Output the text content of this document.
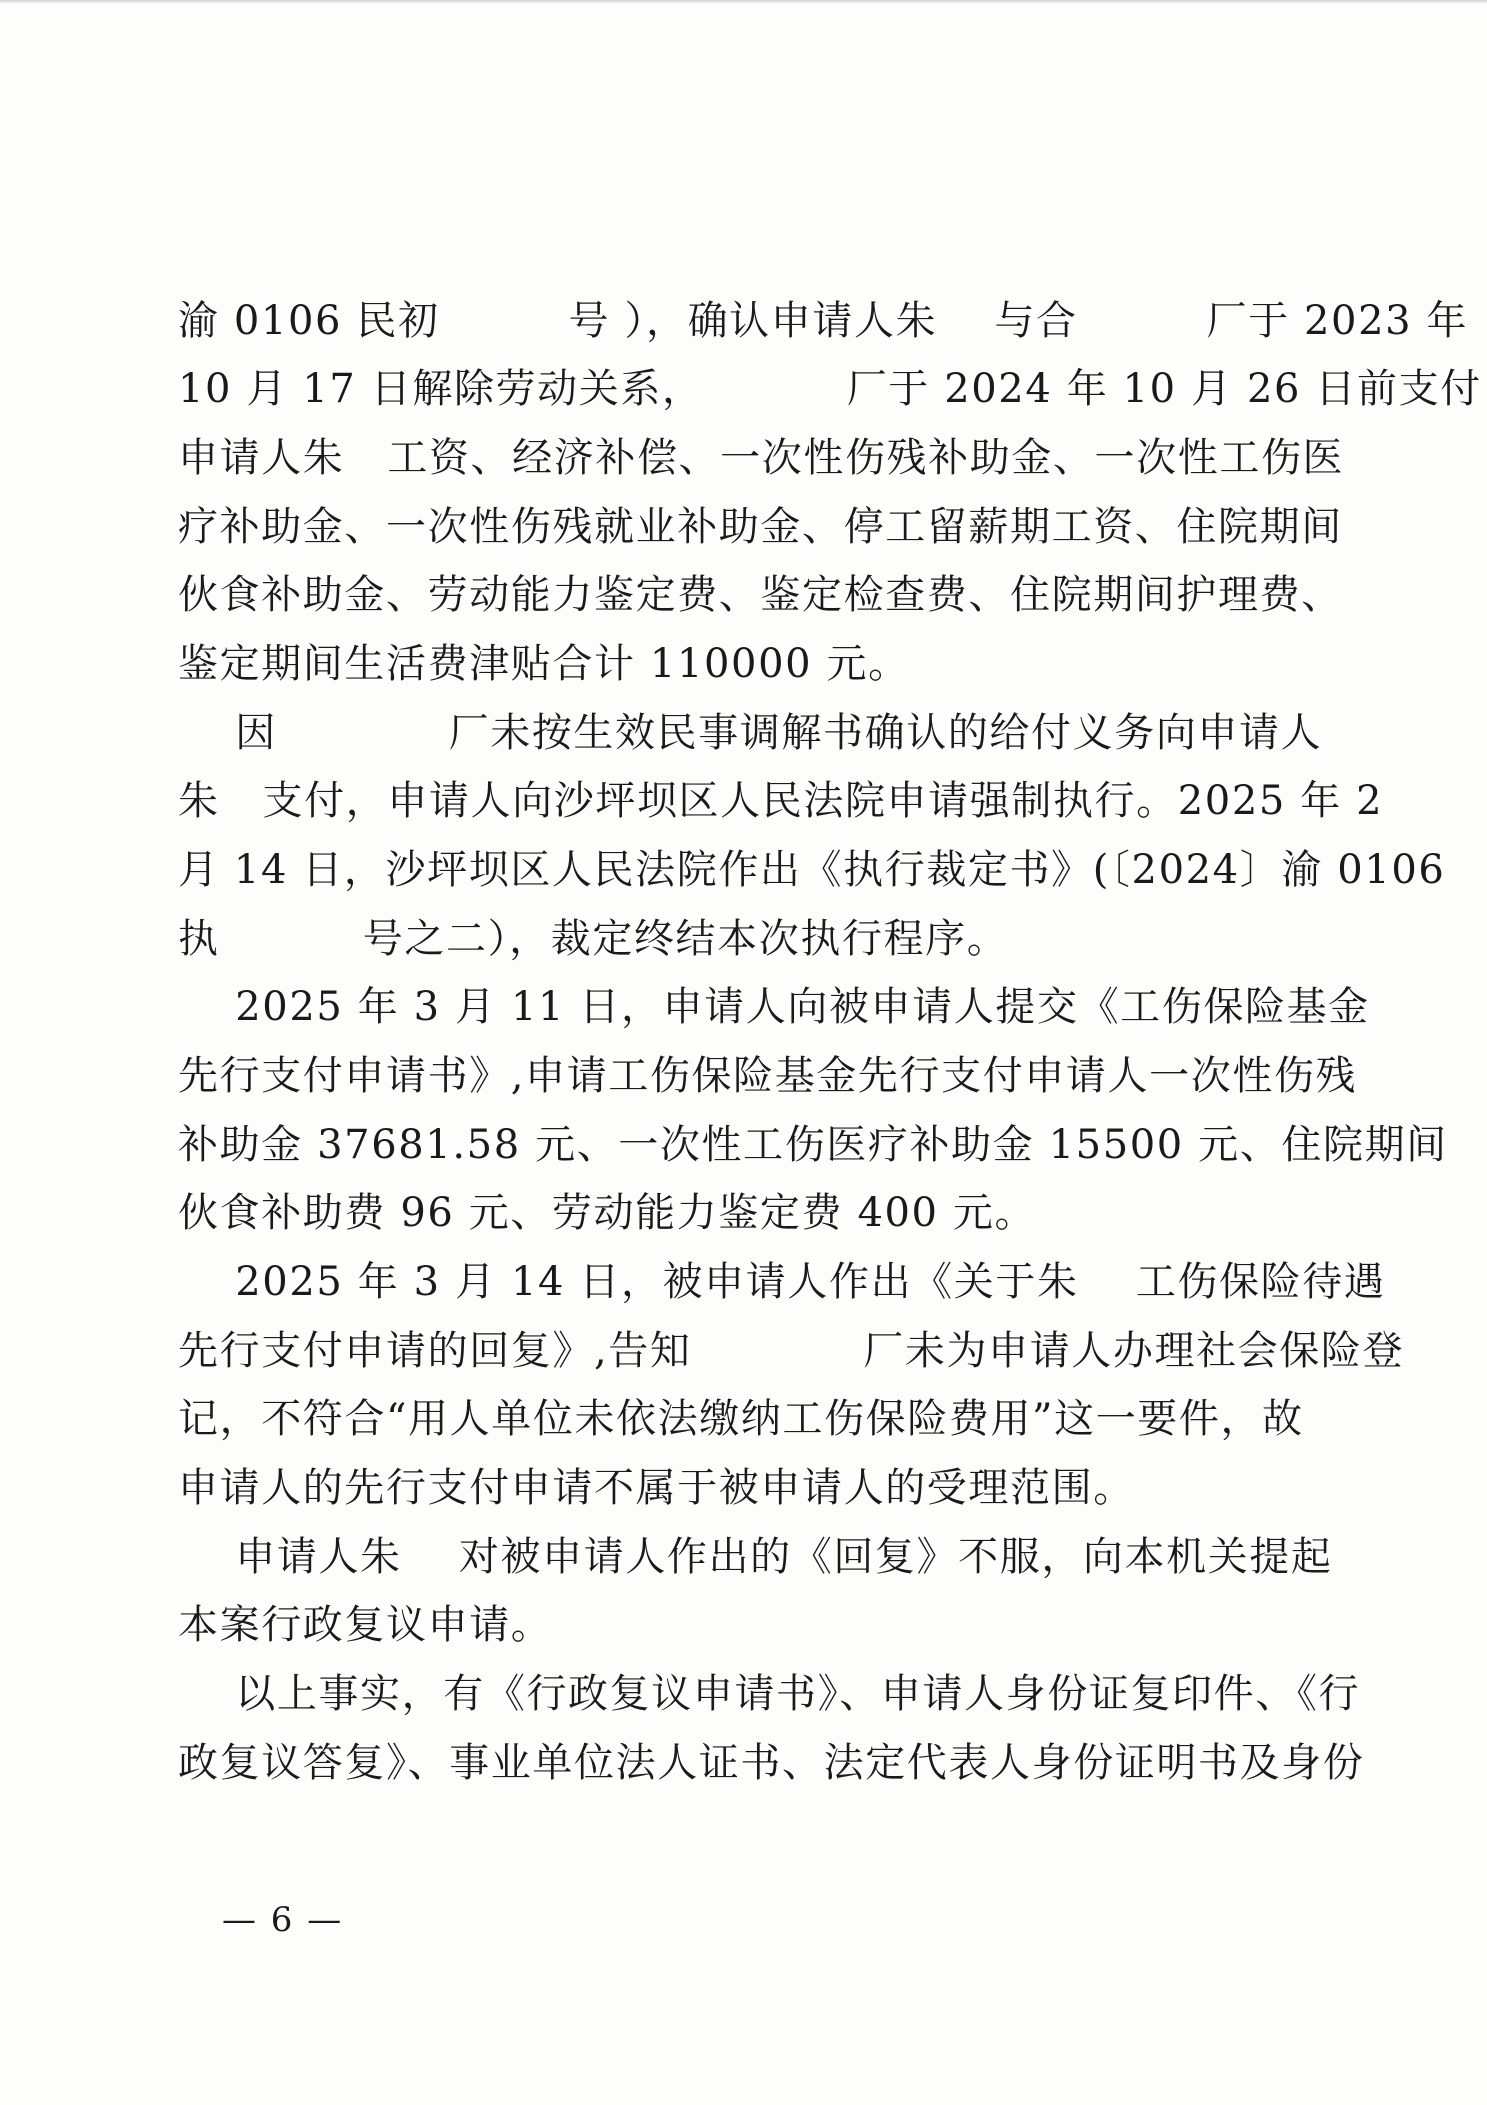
渝 0106 民初         号 ），确认申请人朱    与合         厂于 2023 年
10 月 17 日解除劳动关系，          厂于 2024 年 10 月 26 日前支付
申请人朱   工资、经济补偿、一次性伤残补助金、一次性工伤医
疗补助金、一次性伤残就业补助金、停工留薪期工资、住院期间
伙食补助金、劳动能力鉴定费、鉴定检查费、住院期间护理费、
鉴定期间生活费津贴合计 110000 元。
因            厂未按生效民事调解书确认的给付义务向申请人
朱   支付，申请人向沙坪坝区人民法院申请强制执行。2025 年 2
月 14 日，沙坪坝区人民法院作出《执行裁定书》(〔2024〕渝 0106
执          号之二），裁定终结本次执行程序。
2025 年 3 月 11 日，申请人向被申请人提交《工伤保险基金
先行支付申请书》,申请工伤保险基金先行支付申请人一次性伤残
补助金 37681.58 元、一次性工伤医疗补助金 15500 元、住院期间
伙食补助费 96 元、劳动能力鉴定费 400 元。
2025 年 3 月 14 日，被申请人作出《关于朱    工伤保险待遇
先行支付申请的回复》,告知            厂未为申请人办理社会保险登
记，不符合“用人单位未依法缴纳工伤保险费用”这一要件，故
申请人的先行支付申请不属于被申请人的受理范围。
申请人朱    对被申请人作出的《回复》不服，向本机关提起
本案行政复议申请。
以上事实，有《行政复议申请书》、申请人身份证复印件、《行
政复议答复》、事业单位法人证书、法定代表人身份证明书及身份
— 6 —
